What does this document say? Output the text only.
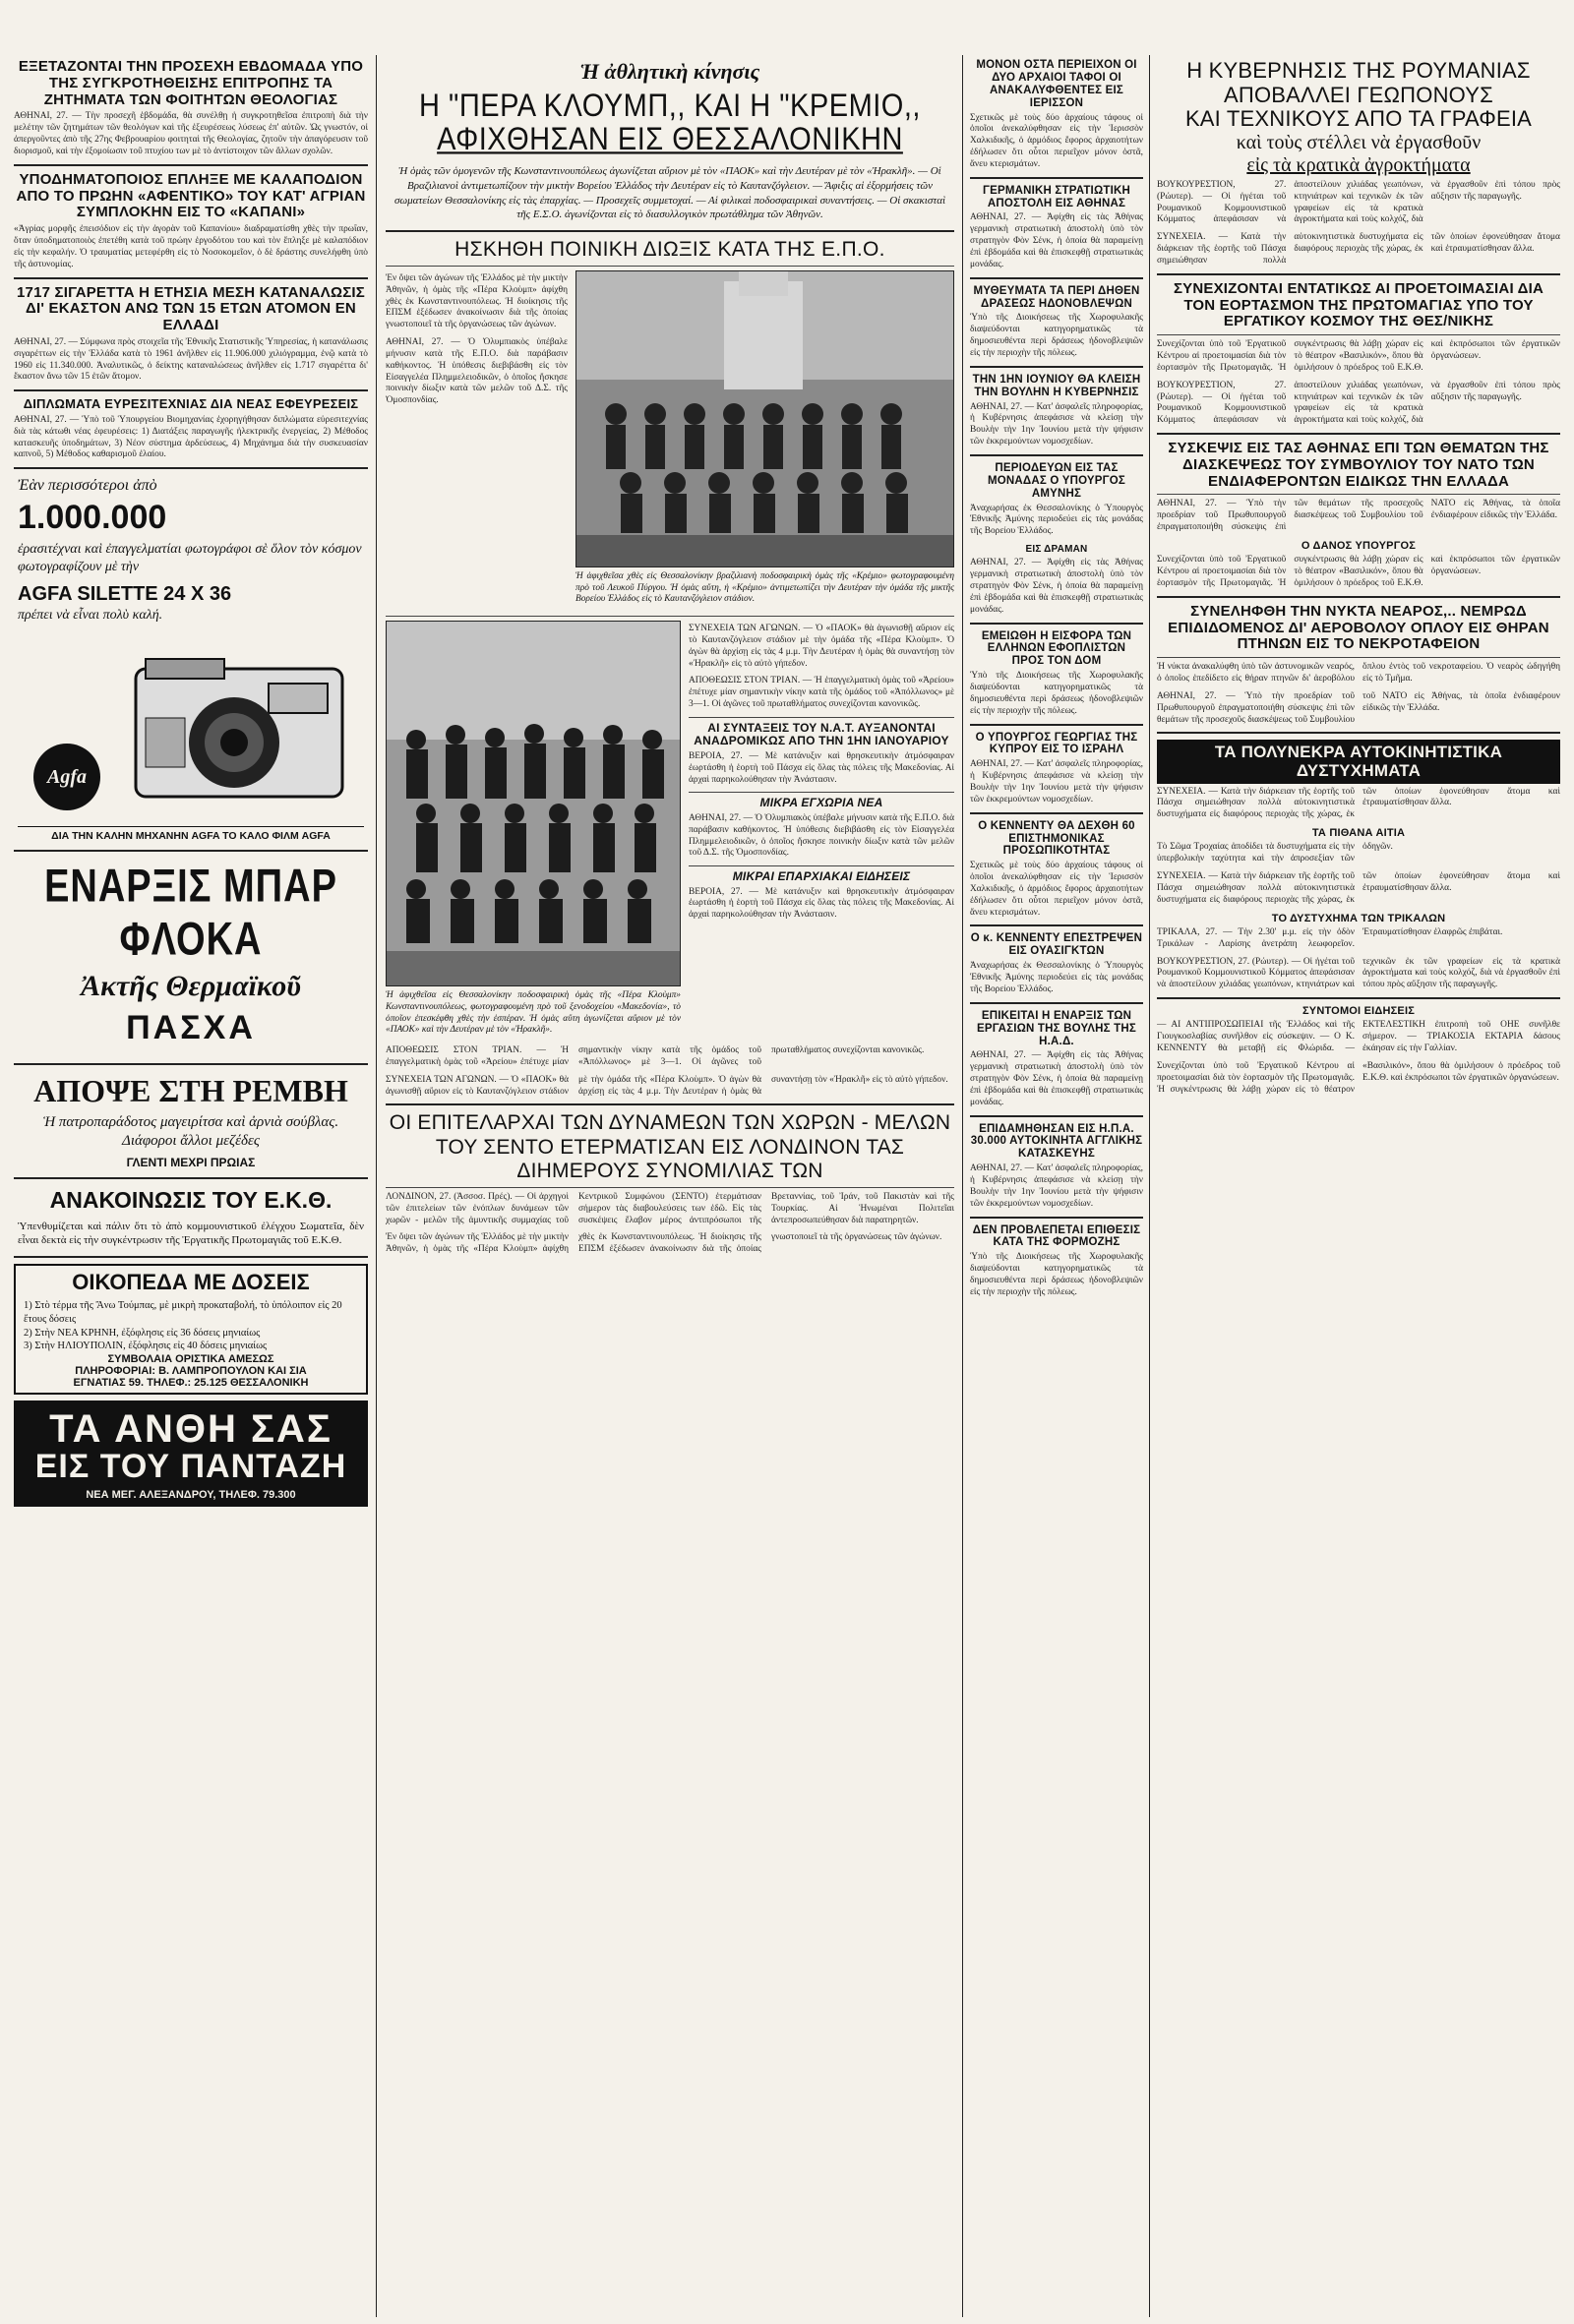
ΕΞΕΤΑΖΟΝΤΑΙ ΤΗΝ ΠΡΟΣΕΧΗ ΕΒΔΟΜΑΔΑ ΥΠΟ ΤΗΣ ΣΥΓΚΡΟΤΗΘΕΙΣΗΣ ΕΠΙΤΡΟΠΗΣ ΤΑ ΖΗΤΗΜΑΤΑ ΤΩΝ ΦΟΙΤΗΤΩΝ ΘΕΟΛΟΓΙΑΣ
ΑΘΗΝΑΙ, 27. — Τὴν προσεχῆ ἑβδομάδα, θὰ συνέλθῃ ἡ συγκροτηθεῖσα ἐπιτροπὴ διὰ τὴν μελέτην τῶν ζητημάτων τῶν θεολόγων καὶ τῆς ἐξευρέσεως λύσεως ἐπ' αὐτῶν. Ὡς γνωστόν, οἱ ἀπεργοῦντες ἀπὸ τῆς 27ης Φεβρουαρίου φοιτηταὶ τῆς Θεολογίας, ζητοῦν τὴν ἀπαγόρευσιν τοῦ διορισμοῦ, καὶ τὴν ἐξομοίωσιν τοῦ πτυχίου των μὲ τὸ ἀντίστοιχον τῶν ἄλλων σχολῶν.
ΥΠΟΔΗΜΑΤΟΠΟΙΟΣ ΕΠΛΗΞΕ ΜΕ ΚΑΛΑΠΟΔΙΟΝ ΑΠΟ ΤΟ ΠΡΩΗΝ «ΑΦΕΝΤΙΚΟ» ΤΟΥ ΚΑΤ' ΑΓΡΙΑΝ ΣΥΜΠΛΟΚΗΝ ΕΙΣ ΤΟ «ΚΑΠΑΝΙ»
«Ἀγρίας μορφῆς ἐπεισόδιον εἰς τὴν ἀγορὰν τοῦ Καπανίου» διαδραματίσθη χθὲς τὴν πρωΐαν, ὅταν ὑποδηματοποιὸς ἐπετέθη κατὰ τοῦ πρώην ἐργοδότου του καὶ τὸν ἔπληξε μὲ καλαπόδιον εἰς τὴν κεφαλήν. Ὁ τραυματίας μετεφέρθη εἰς τὸ Νοσοκομεῖον, ὁ δὲ δράστης συνελήφθη ὑπὸ τῆς ἀστυνομίας.
1717 ΣΙΓΑΡΕΤΤΑ Η ΕΤΗΣΙΑ ΜΕΣΗ ΚΑΤΑΝΑΛΩΣΙΣ ΔΙ' ΕΚΑΣΤΟΝ ΑΝΩ ΤΩΝ 15 ΕΤΩΝ ΑΤΟΜΟΝ ΕΝ ΕΛΛΑΔΙ
ΑΘΗΝΑΙ, 27. — Σύμφωνα πρὸς στοιχεῖα τῆς Ἐθνικῆς Στατιστικῆς Ὑπηρεσίας, ἡ κατανάλωσις σιγαρέττων εἰς τὴν Ἑλλάδα κατὰ τὸ 1961 ἀνῆλθεν εἰς 11.906.000 χιλιόγραμμα, ἐνῷ κατὰ τὸ 1960 εἰς 11.340.000. Ἀναλυτικῶς, ὁ δείκτης καταναλώσεως ἀνῆλθεν εἰς 1.717 σιγαρέττα δι' ἕκαστον ἄνω τῶν 15 ἐτῶν ἄτομον.
ΔΙΠΛΩΜΑΤΑ ΕΥΡΕΣΙΤΕΧΝΙΑΣ ΔΙΑ ΝΕΑΣ ΕΦΕΥΡΕΣΕΙΣ
ΑΘΗΝΑΙ, 27. — Ὑπὸ τοῦ Ὑπουργείου Βιομηχανίας ἐχορηγήθησαν διπλώματα εὑρεσιτεχνίας διὰ τὰς κάτωθι νέας ἐφευρέσεις: 1) Διατάξεις παραγωγῆς ἠλεκτρικῆς ἐνεργείας, 2) Μέθοδος κατασκευῆς ὑποδημάτων, 3) Νέον σύστημα ἀρδεύσεως, 4) Μηχάνημα διὰ τὴν συσκευασίαν καπνοῦ, 5) Μέθοδος καθαρισμοῦ ἐλαίου.
Ἐὰν περισσότεροι ἀπὸ
1.000.000
ἐρασιτέχναι καὶ ἐπαγγελματίαι φωτογράφοι σὲ ὅλον τὸν κόσμον φωτογραφίζουν μὲ τὴν
AGFA SILETTE 24 X 36
πρέπει νὰ εἶναι πολὺ καλή.
Agfa
ΔΙΑ ΤΗΝ ΚΑΛΗΝ ΜΗΧΑΝΗΝ AGFA ΤΟ ΚΑΛΟ ΦΙΛΜ AGFA
ΕΝΑΡΞΙΣ ΜΠΑΡ ΦΛΟΚΑ
Ἀκτῆς Θερμαϊκοῦ
ΠΑΣΧΑ
ΑΠΟΨΕ ΣΤΗ ΡΕΜΒΗ
Ἡ πατροπαράδοτος μαγειρίτσα καὶ ἀρνιὰ σούβλας. Διάφοροι ἄλλοι μεζέδες
ΓΛΕΝΤΙ ΜΕΧΡΙ ΠΡΩΙΑΣ
ΑΝΑΚΟΙΝΩΣΙΣ ΤΟΥ Ε.Κ.Θ.
Ὑπενθυμίζεται καὶ πάλιν ὅτι τὸ ἀπὸ κομμουνιστικοῦ ἐλέγχου Σωματεῖα, δὲν εἶναι δεκτὰ εἰς τὴν συγκέντρωσιν τῆς Ἐργατικῆς Πρωτομαγιᾶς τοῦ Ε.Κ.Θ.
ΟΙΚΟΠΕΔΑ ΜΕ ΔΟΣΕΙΣ
1) Στὸ τέρμα τῆς Ἄνω Τούμπας, μὲ μικρὴ προκαταβολή, τὸ ὑπόλοιπον εἰς 20 ἔτους δόσεις
2) Στὴν ΝΕΑ ΚΡΗΝΗ, ἐξόφλησις εἰς 36 δόσεις μηνιαίως
3) Στὴν ΗΛΙΟΥΠΟΛΙΝ, ἐξόφλησις εἰς 40 δόσεις μηνιαίως
ΣΥΜΒΟΛΑΙΑ ΟΡΙΣΤΙΚΑ ΑΜΕΣΩΣ
ΠΛΗΡΟΦΟΡΙΑΙ: Β. ΛΑΜΠΡΟΠΟΥΛΟΝ ΚΑΙ ΣΙΑ
ΕΓΝΑΤΙΑΣ 59. ΤΗΛΕΦ.: 25.125 ΘΕΣΣΑΛΟΝΙΚΗ
ΤΑ ΑΝΘΗ ΣΑΣ
ΕΙΣ ΤΟΥ ΠΑΝΤΑΖΗ
ΝΕΑ ΜΕΓ. ΑΛΕΞΑΝΔΡΟΥ, ΤΗΛΕΦ. 79.300
Ἡ ἀθλητικὴ κίνησις
Η "ΠΕΡΑ ΚΛΟΥΜΠ,, ΚΑΙ Η "ΚΡΕΜΙΟ,,
ΑΦΙΧΘΗΣΑΝ ΕΙΣ ΘΕΣΣΑΛΟΝΙΚΗΝ
Ἡ ὁμὰς τῶν ὁμογενῶν τῆς Κωνσταντινουπόλεως ἀγωνίζεται αὔριον μὲ τὸν «ΠΑΟΚ» καὶ τὴν Δευτέραν μὲ τὸν «Ἠρακλῆ». — Οἱ Βραζιλιανοὶ ἀντιμετωπίζουν τὴν μικτὴν Βορείου Ἑλλάδος τὴν Δευτέραν εἰς τὸ Καυτανζόγλειον. — Ἄφιξις αἱ ἐξορμήσεις τῶν σωματείων Θεσσαλονίκης εἰς τὰς ἐπαρχίας. — Προσεχεῖς συμμετοχαί. — Αἱ φιλικαὶ ποδοσφαιρικαὶ συναντήσεις. — Οἱ σκακισταὶ τῆς Ε.Σ.Ο. ἀγωνίζονται εἰς τὸ διασυλλογικὸν πρωτάθλημα τῶν Ἀθηνῶν.
ΗΣΚΗΘΗ ΠΟΙΝΙΚΗ ΔΙΩΞΙΣ ΚΑΤΑ ΤΗΣ Ε.Π.Ο.
Ἐν ὄψει τῶν ἀγώνων τῆς Ἑλλάδος μὲ τὴν μικτὴν Ἀθηνῶν, ἡ ὁμὰς τῆς «Πέρα Κλοὺμπ» ἀφίχθη χθὲς ἐκ Κωνσταντινουπόλεως. Ἡ διοίκησις τῆς ΕΠΣΜ ἐξέδωσεν ἀνακοίνωσιν διὰ τῆς ὁποίας γνωστοποιεῖ τὰ τῆς ὀργανώσεως τῶν ἀγώνων.
ΑΘΗΝΑΙ, 27. — Ὁ Ὀλυμπιακὸς ὑπέβαλε μήνυσιν κατὰ τῆς Ε.Π.Ο. διὰ παράβασιν καθήκοντος. Ἡ ὑπόθεσις διεβιβάσθη εἰς τὸν Εἰσαγγελέα Πλημμελειοδικῶν, ὁ ὁποῖος ἤσκησε ποινικὴν δίωξιν κατὰ τῶν μελῶν τοῦ Δ.Σ. τῆς Ὁμοσπονδίας.
Ἡ ἀφιχθεῖσα χθὲς εἰς Θεσσαλονίκην βραζιλιανὴ ποδοσφαιρικὴ ὁμὰς τῆς «Κρέμιο» φωτογραφουμένη πρὸ τοῦ Λευκοῦ Πύργου. Ἡ ὁμὰς αὕτη, ἡ «Κρέμιο» ἀντιμετωπίζει τὴν Δευτέραν τὴν ὁμάδα τῆς μικτῆς Βορείου Ἑλλάδος εἰς τὸ Καυτανζόγλειον στάδιον.
Ἡ ἀφιχθεῖσα εἰς Θεσσαλονίκην ποδοσφαιρικὴ ὁμὰς τῆς «Πέρα Κλοὺμπ» Κωνσταντινουπόλεως, φωτογραφουμένη πρὸ τοῦ ξενοδοχείου «Μακεδονία», τὸ ὁποῖον ἐπεσκέφθη χθὲς τὴν ἑσπέραν. Ἡ ὁμὰς αὕτη ἀγωνίζεται αὔριον μὲ τὸν «ΠΑΟΚ» καὶ τὴν Δευτέραν μὲ τὸν «Ἠρακλῆ».
ΣΥΝΕΧΕΙΑ ΤΩΝ ΑΓΩΝΩΝ. — Ὁ «ΠΑΟΚ» θὰ ἀγωνισθῇ αὔριον εἰς τὸ Καυτανζόγλειον στάδιον μὲ τὴν ὁμάδα τῆς «Πέρα Κλοὺμπ». Ὁ ἀγὼν θὰ ἀρχίσῃ εἰς τὰς 4 μ.μ. Τὴν Δευτέραν ἡ ὁμὰς θὰ συναντήσῃ τὸν «Ἠρακλῆ» εἰς τὸ αὐτὸ γήπεδον.
ΑΠΟΘΕΩΣΙΣ ΣΤΟΝ ΤΡΙΑΝ. — Ἡ ἐπαγγελματικὴ ὁμὰς τοῦ «Ἀρείου» ἐπέτυχε μίαν σημαντικὴν νίκην κατὰ τῆς ὁμάδος τοῦ «Ἀπόλλωνος» μὲ 3—1. Οἱ ἀγῶνες τοῦ πρωταθλήματος συνεχίζονται κανονικῶς.
ΑΙ ΣΥΝΤΑΞΕΙΣ ΤΟΥ Ν.Α.Τ. ΑΥΞΑΝΟΝΤΑΙ ΑΝΑΔΡΟΜΙΚΩΣ ΑΠΟ ΤΗΝ 1ΗΝ ΙΑΝΟΥΑΡΙΟΥ
ΒΕΡΟΙΑ, 27. — Μὲ κατάνυξιν καὶ θρησκευτικὴν ἀτμόσφαιραν ἐωρτάσθη ἡ ἑορτὴ τοῦ Πάσχα εἰς ὅλας τὰς πόλεις τῆς Μακεδονίας. Αἱ ἀρχαὶ παρηκολούθησαν τὴν Ἀνάστασιν.
ΜΙΚΡΑ ΕΓΧΩΡΙΑ ΝΕΑ
ΑΘΗΝΑΙ, 27. — Ὁ Ὀλυμπιακὸς ὑπέβαλε μήνυσιν κατὰ τῆς Ε.Π.Ο. διὰ παράβασιν καθήκοντος. Ἡ ὑπόθεσις διεβιβάσθη εἰς τὸν Εἰσαγγελέα Πλημμελειοδικῶν, ὁ ὁποῖος ἤσκησε ποινικὴν δίωξιν κατὰ τῶν μελῶν τοῦ Δ.Σ. τῆς Ὁμοσπονδίας.
ΜΙΚΡΑΙ ΕΠΑΡΧΙΑΚΑΙ ΕΙΔΗΣΕΙΣ
ΒΕΡΟΙΑ, 27. — Μὲ κατάνυξιν καὶ θρησκευτικὴν ἀτμόσφαιραν ἐωρτάσθη ἡ ἑορτὴ τοῦ Πάσχα εἰς ὅλας τὰς πόλεις τῆς Μακεδονίας. Αἱ ἀρχαὶ παρηκολούθησαν τὴν Ἀνάστασιν.
ΑΠΟΘΕΩΣΙΣ ΣΤΟΝ ΤΡΙΑΝ. — Ἡ ἐπαγγελματικὴ ὁμὰς τοῦ «Ἀρείου» ἐπέτυχε μίαν σημαντικὴν νίκην κατὰ τῆς ὁμάδος τοῦ «Ἀπόλλωνος» μὲ 3—1. Οἱ ἀγῶνες τοῦ πρωταθλήματος συνεχίζονται κανονικῶς.
ΣΥΝΕΧΕΙΑ ΤΩΝ ΑΓΩΝΩΝ. — Ὁ «ΠΑΟΚ» θὰ ἀγωνισθῇ αὔριον εἰς τὸ Καυτανζόγλειον στάδιον μὲ τὴν ὁμάδα τῆς «Πέρα Κλοὺμπ». Ὁ ἀγὼν θὰ ἀρχίσῃ εἰς τὰς 4 μ.μ. Τὴν Δευτέραν ἡ ὁμὰς θὰ συναντήσῃ τὸν «Ἠρακλῆ» εἰς τὸ αὐτὸ γήπεδον.
ΟΙ ΕΠΙΤΕΛΑΡΧΑΙ ΤΩΝ ΔΥΝΑΜΕΩΝ ΤΩΝ ΧΩΡΩΝ - ΜΕΛΩΝ ΤΟΥ ΣΕΝΤΟ ΕΤΕΡΜΑΤΙΣΑΝ ΕΙΣ ΛΟΝΔΙΝΟΝ ΤΑΣ ΔΙΗΜΕΡΟΥΣ ΣΥΝΟΜΙΛΙΑΣ ΤΩΝ
ΛΟΝΔΙΝΟΝ, 27. (Ἀσσοσ. Πρές). — Οἱ ἀρχηγοὶ τῶν ἐπιτελείων τῶν ἐνόπλων δυνάμεων τῶν χωρῶν - μελῶν τῆς ἀμυντικῆς συμμαχίας τοῦ Κεντρικοῦ Συμφώνου (ΣΕΝΤΟ) ἐτερμάτισαν σήμερον τὰς διαβουλεύσεις των ἐδῶ. Εἰς τὰς συσκέψεις ἔλαβον μέρος ἀντιπρόσωποι τῆς Βρεταννίας, τοῦ Ἰράν, τοῦ Πακιστὰν καὶ τῆς Τουρκίας. Αἱ Ἡνωμέναι Πολιτεῖαι ἀντεπροσωπεύθησαν διὰ παρατηρητῶν.
Ἐν ὄψει τῶν ἀγώνων τῆς Ἑλλάδος μὲ τὴν μικτὴν Ἀθηνῶν, ἡ ὁμὰς τῆς «Πέρα Κλοὺμπ» ἀφίχθη χθὲς ἐκ Κωνσταντινουπόλεως. Ἡ διοίκησις τῆς ΕΠΣΜ ἐξέδωσεν ἀνακοίνωσιν διὰ τῆς ὁποίας γνωστοποιεῖ τὰ τῆς ὀργανώσεως τῶν ἀγώνων.
ΜΟΝΟΝ ΟΣΤΑ ΠΕΡΙΕΙΧΟΝ ΟΙ ΔΥΟ ΑΡΧΑΙΟΙ ΤΑΦΟΙ ΟΙ ΑΝΑΚΑΛΥΦΘΕΝΤΕΣ ΕΙΣ ΙΕΡΙΣΣΟΝ
Σχετικῶς μὲ τοὺς δύο ἀρχαίους τάφους οἱ ὁποῖοι ἀνεκαλύφθησαν εἰς τὴν Ἱερισσὸν Χαλκιδικῆς, ὁ ἀρμόδιος ἔφορος ἀρχαιοτήτων ἐδήλωσεν ὅτι οὗτοι περιεῖχον μόνον ὀστᾶ, ἄνευ κτερισμάτων.
ΓΕΡΜΑΝΙΚΗ ΣΤΡΑΤΙΩΤΙΚΗ ΑΠΟΣΤΟΛΗ ΕΙΣ ΑΘΗΝΑΣ
ΑΘΗΝΑΙ, 27. — Ἀφίχθη εἰς τὰς Ἀθήνας γερμανικὴ στρατιωτικὴ ἀποστολὴ ὑπὸ τὸν στρατηγὸν Φὸν Σένκ, ἡ ὁποία θὰ παραμείνῃ ἐπὶ ἑβδομάδα καὶ θὰ ἐπισκεφθῇ στρατιωτικὰς μονάδας.
ΜΥΘΕΥΜΑΤΑ ΤΑ ΠΕΡΙ ΔΗΘΕΝ ΔΡΑΣΕΩΣ ΗΔΟΝΟΒΛΕΨΩΝ
Ὑπὸ τῆς Διοικήσεως τῆς Χωροφυλακῆς διαψεύδονται κατηγορηματικῶς τὰ δημοσιευθέντα περὶ δράσεως ἠδονοβλεψιῶν εἰς τὴν περιοχὴν τῆς πόλεως.
ΤΗΝ 1ΗΝ ΙΟΥΝΙΟΥ ΘΑ ΚΛΕΙΣΗ ΤΗΝ ΒΟΥΛΗΝ Η ΚΥΒΕΡΝΗΣΙΣ
ΑΘΗΝΑΙ, 27. — Κατ' ἀσφαλεῖς πληροφορίας, ἡ Κυβέρνησις ἀπεφάσισε νὰ κλείσῃ τὴν Βουλὴν τὴν 1ην Ἰουνίου μετὰ τὴν ψήφισιν τῶν ἐκκρεμούντων νομοσχεδίων.
ΠΕΡΙΟΔΕΥΩΝ ΕΙΣ ΤΑΣ ΜΟΝΑΔΑΣ Ο ΥΠΟΥΡΓΟΣ ΑΜΥΝΗΣ
Ἀναχωρήσας ἐκ Θεσσαλονίκης ὁ Ὑπουργὸς Ἐθνικῆς Ἀμύνης περιοδεύει εἰς τὰς μονάδας τῆς Βορείου Ἑλλάδος.
ΕΙΣ ΔΡΑΜΑΝ
ΑΘΗΝΑΙ, 27. — Ἀφίχθη εἰς τὰς Ἀθήνας γερμανικὴ στρατιωτικὴ ἀποστολὴ ὑπὸ τὸν στρατηγὸν Φὸν Σένκ, ἡ ὁποία θὰ παραμείνῃ ἐπὶ ἑβδομάδα καὶ θὰ ἐπισκεφθῇ στρατιωτικὰς μονάδας.
ΕΜΕΙΩΘΗ Η ΕΙΣΦΟΡΑ ΤΩΝ ΕΛΛΗΝΩΝ ΕΦΟΠΛΙΣΤΩΝ ΠΡΟΣ ΤΟΝ ΔΟΜ
Ὑπὸ τῆς Διοικήσεως τῆς Χωροφυλακῆς διαψεύδονται κατηγορηματικῶς τὰ δημοσιευθέντα περὶ δράσεως ἠδονοβλεψιῶν εἰς τὴν περιοχὴν τῆς πόλεως.
Ο ΥΠΟΥΡΓΟΣ ΓΕΩΡΓΙΑΣ ΤΗΣ ΚΥΠΡΟΥ ΕΙΣ ΤΟ ΙΣΡΑΗΛ
ΑΘΗΝΑΙ, 27. — Κατ' ἀσφαλεῖς πληροφορίας, ἡ Κυβέρνησις ἀπεφάσισε νὰ κλείσῃ τὴν Βουλὴν τὴν 1ην Ἰουνίου μετὰ τὴν ψήφισιν τῶν ἐκκρεμούντων νομοσχεδίων.
Ο ΚΕΝΝΕΝΤΥ ΘΑ ΔΕΧΘΗ 60 ΕΠΙΣΤΗΜΟΝΙΚΑΣ ΠΡΟΣΩΠΙΚΟΤΗΤΑΣ
Σχετικῶς μὲ τοὺς δύο ἀρχαίους τάφους οἱ ὁποῖοι ἀνεκαλύφθησαν εἰς τὴν Ἱερισσὸν Χαλκιδικῆς, ὁ ἀρμόδιος ἔφορος ἀρχαιοτήτων ἐδήλωσεν ὅτι οὗτοι περιεῖχον μόνον ὀστᾶ, ἄνευ κτερισμάτων.
Ο κ. ΚΕΝΝΕΝΤΥ ΕΠΕΣΤΡΕΨΕΝ ΕΙΣ ΟΥΑΣΙΓΚΤΩΝ
Ἀναχωρήσας ἐκ Θεσσαλονίκης ὁ Ὑπουργὸς Ἐθνικῆς Ἀμύνης περιοδεύει εἰς τὰς μονάδας τῆς Βορείου Ἑλλάδος.
ΕΠΙΚΕΙΤΑΙ Η ΕΝΑΡΞΙΣ ΤΩΝ ΕΡΓΑΣΙΩΝ ΤΗΣ ΒΟΥΛΗΣ ΤΗΣ Η.Α.Δ.
ΑΘΗΝΑΙ, 27. — Ἀφίχθη εἰς τὰς Ἀθήνας γερμανικὴ στρατιωτικὴ ἀποστολὴ ὑπὸ τὸν στρατηγὸν Φὸν Σένκ, ἡ ὁποία θὰ παραμείνῃ ἐπὶ ἑβδομάδα καὶ θὰ ἐπισκεφθῇ στρατιωτικὰς μονάδας.
ΕΠΙΔΑΜΗΘΗΣΑΝ ΕΙΣ Η.Π.Α. 30.000 ΑΥΤΟΚΙΝΗΤΑ ΑΓΓΛΙΚΗΣ ΚΑΤΑΣΚΕΥΗΣ
ΑΘΗΝΑΙ, 27. — Κατ' ἀσφαλεῖς πληροφορίας, ἡ Κυβέρνησις ἀπεφάσισε νὰ κλείσῃ τὴν Βουλὴν τὴν 1ην Ἰουνίου μετὰ τὴν ψήφισιν τῶν ἐκκρεμούντων νομοσχεδίων.
ΔΕΝ ΠΡΟΒΛΕΠΕΤΑΙ ΕΠΙΘΕΣΙΣ ΚΑΤΑ ΤΗΣ ΦΟΡΜΟΖΗΣ
Ὑπὸ τῆς Διοικήσεως τῆς Χωροφυλακῆς διαψεύδονται κατηγορηματικῶς τὰ δημοσιευθέντα περὶ δράσεως ἠδονοβλεψιῶν εἰς τὴν περιοχὴν τῆς πόλεως.
Η ΚΥΒΕΡΝΗΣΙΣ ΤΗΣ ΡΟΥΜΑΝΙΑΣ
ΑΠΟΒΑΛΛΕΙ ΓΕΩΠΟΝΟΥΣ
ΚΑΙ ΤΕΧΝΙΚΟΥΣ ΑΠΟ ΤΑ ΓΡΑΦΕΙΑ
καὶ τοὺς στέλλει νὰ ἐργασθοῦν
εἰς τὰ κρατικὰ ἀγροκτήματα
ΒΟΥΚΟΥΡΕΣΤΙΟΝ, 27. (Ρώυτερ). — Οἱ ἡγέται τοῦ Ρουμανικοῦ Κομμουνιστικοῦ Κόμματος ἀπεφάσισαν νὰ ἀποστείλουν χιλιάδας γεωπόνων, κτηνιάτρων καὶ τεχνικῶν ἐκ τῶν γραφείων εἰς τὰ κρατικὰ ἀγροκτήματα καὶ τοὺς κολχόζ, διὰ νὰ ἐργασθοῦν ἐπὶ τόπου πρὸς αὔξησιν τῆς παραγωγῆς.
ΣΥΝΕΧΕΙΑ. — Κατὰ τὴν διάρκειαν τῆς ἑορτῆς τοῦ Πάσχα σημειώθησαν πολλὰ αὐτοκινητιστικὰ δυστυχήματα εἰς διαφόρους περιοχὰς τῆς χώρας, ἐκ τῶν ὁποίων ἐφονεύθησαν ἄτομα καὶ ἐτραυματίσθησαν ἄλλα.
ΣΥΝΕΧΙΖΟΝΤΑΙ ΕΝΤΑΤΙΚΩΣ ΑΙ ΠΡΟΕΤΟΙΜΑΣΙΑΙ ΔΙΑ ΤΟΝ ΕΟΡΤΑΣΜΟΝ ΤΗΣ ΠΡΩΤΟΜΑΓΙΑΣ ΥΠΟ ΤΟΥ ΕΡΓΑΤΙΚΟΥ ΚΟΣΜΟΥ ΤΗΣ ΘΕΣ/ΝΙΚΗΣ
Συνεχίζονται ὑπὸ τοῦ Ἐργατικοῦ Κέντρου αἱ προετοιμασίαι διὰ τὸν ἑορτασμὸν τῆς Πρωτομαγιᾶς. Ἡ συγκέντρωσις θὰ λάβῃ χώραν εἰς τὸ θέατρον «Βασιλικόν», ὅπου θὰ ὁμιλήσουν ὁ πρόεδρος τοῦ Ε.Κ.Θ. καὶ ἐκπρόσωποι τῶν ἐργατικῶν ὀργανώσεων.
ΒΟΥΚΟΥΡΕΣΤΙΟΝ, 27. (Ρώυτερ). — Οἱ ἡγέται τοῦ Ρουμανικοῦ Κομμουνιστικοῦ Κόμματος ἀπεφάσισαν νὰ ἀποστείλουν χιλιάδας γεωπόνων, κτηνιάτρων καὶ τεχνικῶν ἐκ τῶν γραφείων εἰς τὰ κρατικὰ ἀγροκτήματα καὶ τοὺς κολχόζ, διὰ νὰ ἐργασθοῦν ἐπὶ τόπου πρὸς αὔξησιν τῆς παραγωγῆς.
ΣΥΣΚΕΨΙΣ ΕΙΣ ΤΑΣ ΑΘΗΝΑΣ ΕΠΙ ΤΩΝ ΘΕΜΑΤΩΝ ΤΗΣ ΔΙΑΣΚΕΨΕΩΣ ΤΟΥ ΣΥΜΒΟΥΛΙΟΥ ΤΟΥ ΝΑΤΟ ΤΩΝ ΕΝΔΙΑΦΕΡΟΝΤΩΝ ΕΙΔΙΚΩΣ ΤΗΝ ΕΛΛΑΔΑ
ΑΘΗΝΑΙ, 27. — Ὑπὸ τὴν προεδρίαν τοῦ Πρωθυπουργοῦ ἐπραγματοποιήθη σύσκεψις ἐπὶ τῶν θεμάτων τῆς προσεχοῦς διασκέψεως τοῦ Συμβουλίου τοῦ ΝΑΤΟ εἰς Ἀθήνας, τὰ ὁποῖα ἐνδιαφέρουν εἰδικῶς τὴν Ἑλλάδα.
Ο ΔΑΝΟΣ ΥΠΟΥΡΓΟΣ
Συνεχίζονται ὑπὸ τοῦ Ἐργατικοῦ Κέντρου αἱ προετοιμασίαι διὰ τὸν ἑορτασμὸν τῆς Πρωτομαγιᾶς. Ἡ συγκέντρωσις θὰ λάβῃ χώραν εἰς τὸ θέατρον «Βασιλικόν», ὅπου θὰ ὁμιλήσουν ὁ πρόεδρος τοῦ Ε.Κ.Θ. καὶ ἐκπρόσωποι τῶν ἐργατικῶν ὀργανώσεων.
ΣΥΝΕΛΗΦΘΗ ΤΗΝ ΝΥΚΤΑ ΝΕΑΡΟΣ,.. ΝΕΜΡΩΔ ΕΠΙΔΙΔΟΜΕΝΟΣ ΔΙ' ΑΕΡΟΒΟΛΟΥ ΟΠΛΟΥ ΕΙΣ ΘΗΡΑΝ ΠΤΗΝΩΝ ΕΙΣ ΤΟ ΝΕΚΡΟΤΑΦΕΙΟΝ
Ἡ νύκτα ἀνακαλύφθη ὑπὸ τῶν ἀστυνομικῶν νεαρός, ὁ ὁποῖος ἐπεδίδετο εἰς θήραν πτηνῶν δι' ἀεροβόλου ὅπλου ἐντὸς τοῦ νεκροταφείου. Ὁ νεαρὸς ὡδηγήθη εἰς τὸ Τμῆμα.
ΑΘΗΝΑΙ, 27. — Ὑπὸ τὴν προεδρίαν τοῦ Πρωθυπουργοῦ ἐπραγματοποιήθη σύσκεψις ἐπὶ τῶν θεμάτων τῆς προσεχοῦς διασκέψεως τοῦ Συμβουλίου τοῦ ΝΑΤΟ εἰς Ἀθήνας, τὰ ὁποῖα ἐνδιαφέρουν εἰδικῶς τὴν Ἑλλάδα.
ΤΑ ΠΟΛΥΝΕΚΡΑ ΑΥΤΟΚΙΝΗΤΙΣΤΙΚΑ ΔΥΣΤΥΧΗΜΑΤΑ
ΣΥΝΕΧΕΙΑ. — Κατὰ τὴν διάρκειαν τῆς ἑορτῆς τοῦ Πάσχα σημειώθησαν πολλὰ αὐτοκινητιστικὰ δυστυχήματα εἰς διαφόρους περιοχὰς τῆς χώρας, ἐκ τῶν ὁποίων ἐφονεύθησαν ἄτομα καὶ ἐτραυματίσθησαν ἄλλα.
ΤΑ ΠΙΘΑΝΑ ΑΙΤΙΑ
Τὸ Σῶμα Τροχαίας ἀποδίδει τὰ δυστυχήματα εἰς τὴν ὑπερβολικὴν ταχύτητα καὶ τὴν ἀπροσεξίαν τῶν ὁδηγῶν.
ΣΥΝΕΧΕΙΑ. — Κατὰ τὴν διάρκειαν τῆς ἑορτῆς τοῦ Πάσχα σημειώθησαν πολλὰ αὐτοκινητιστικὰ δυστυχήματα εἰς διαφόρους περιοχὰς τῆς χώρας, ἐκ τῶν ὁποίων ἐφονεύθησαν ἄτομα καὶ ἐτραυματίσθησαν ἄλλα.
ΤΟ ΔΥΣΤΥΧΗΜΑ ΤΩΝ ΤΡΙΚΑΛΩΝ
ΤΡΙΚΑΛΑ, 27. — Τὴν 2.30' μ.μ. εἰς τὴν ὁδὸν Τρικάλων - Λαρίσης ἀνετράπη λεωφορεῖον. Ἐτραυματίσθησαν ἐλαφρῶς ἐπιβάται.
ΒΟΥΚΟΥΡΕΣΤΙΟΝ, 27. (Ρώυτερ). — Οἱ ἡγέται τοῦ Ρουμανικοῦ Κομμουνιστικοῦ Κόμματος ἀπεφάσισαν νὰ ἀποστείλουν χιλιάδας γεωπόνων, κτηνιάτρων καὶ τεχνικῶν ἐκ τῶν γραφείων εἰς τὰ κρατικὰ ἀγροκτήματα καὶ τοὺς κολχόζ, διὰ νὰ ἐργασθοῦν ἐπὶ τόπου πρὸς αὔξησιν τῆς παραγωγῆς.
ΣΥΝΤΟΜΟΙ ΕΙΔΗΣΕΙΣ
— ΑΙ ΑΝΤΙΠΡΟΣΩΠΕΙΑΙ τῆς Ἑλλάδος καὶ τῆς Γιουγκοσλαβίας συνῆλθον εἰς σύσκεψιν. — Ο Κ. ΚΕΝΝΕΝΤΥ θὰ μεταβῇ εἰς Φλώριδα. — ΕΚΤΕΛΕΣΤΙΚΗ ἐπιτροπὴ τοῦ ΟΗΕ συνῆλθε σήμερον. — ΤΡΙΑΚΟΣΙΑ ΕΚΤΑΡΙΑ δάσους ἐκάησαν εἰς τὴν Γαλλίαν.
Συνεχίζονται ὑπὸ τοῦ Ἐργατικοῦ Κέντρου αἱ προετοιμασίαι διὰ τὸν ἑορτασμὸν τῆς Πρωτομαγιᾶς. Ἡ συγκέντρωσις θὰ λάβῃ χώραν εἰς τὸ θέατρον «Βασιλικόν», ὅπου θὰ ὁμιλήσουν ὁ πρόεδρος τοῦ Ε.Κ.Θ. καὶ ἐκπρόσωποι τῶν ἐργατικῶν ὀργανώσεων.
